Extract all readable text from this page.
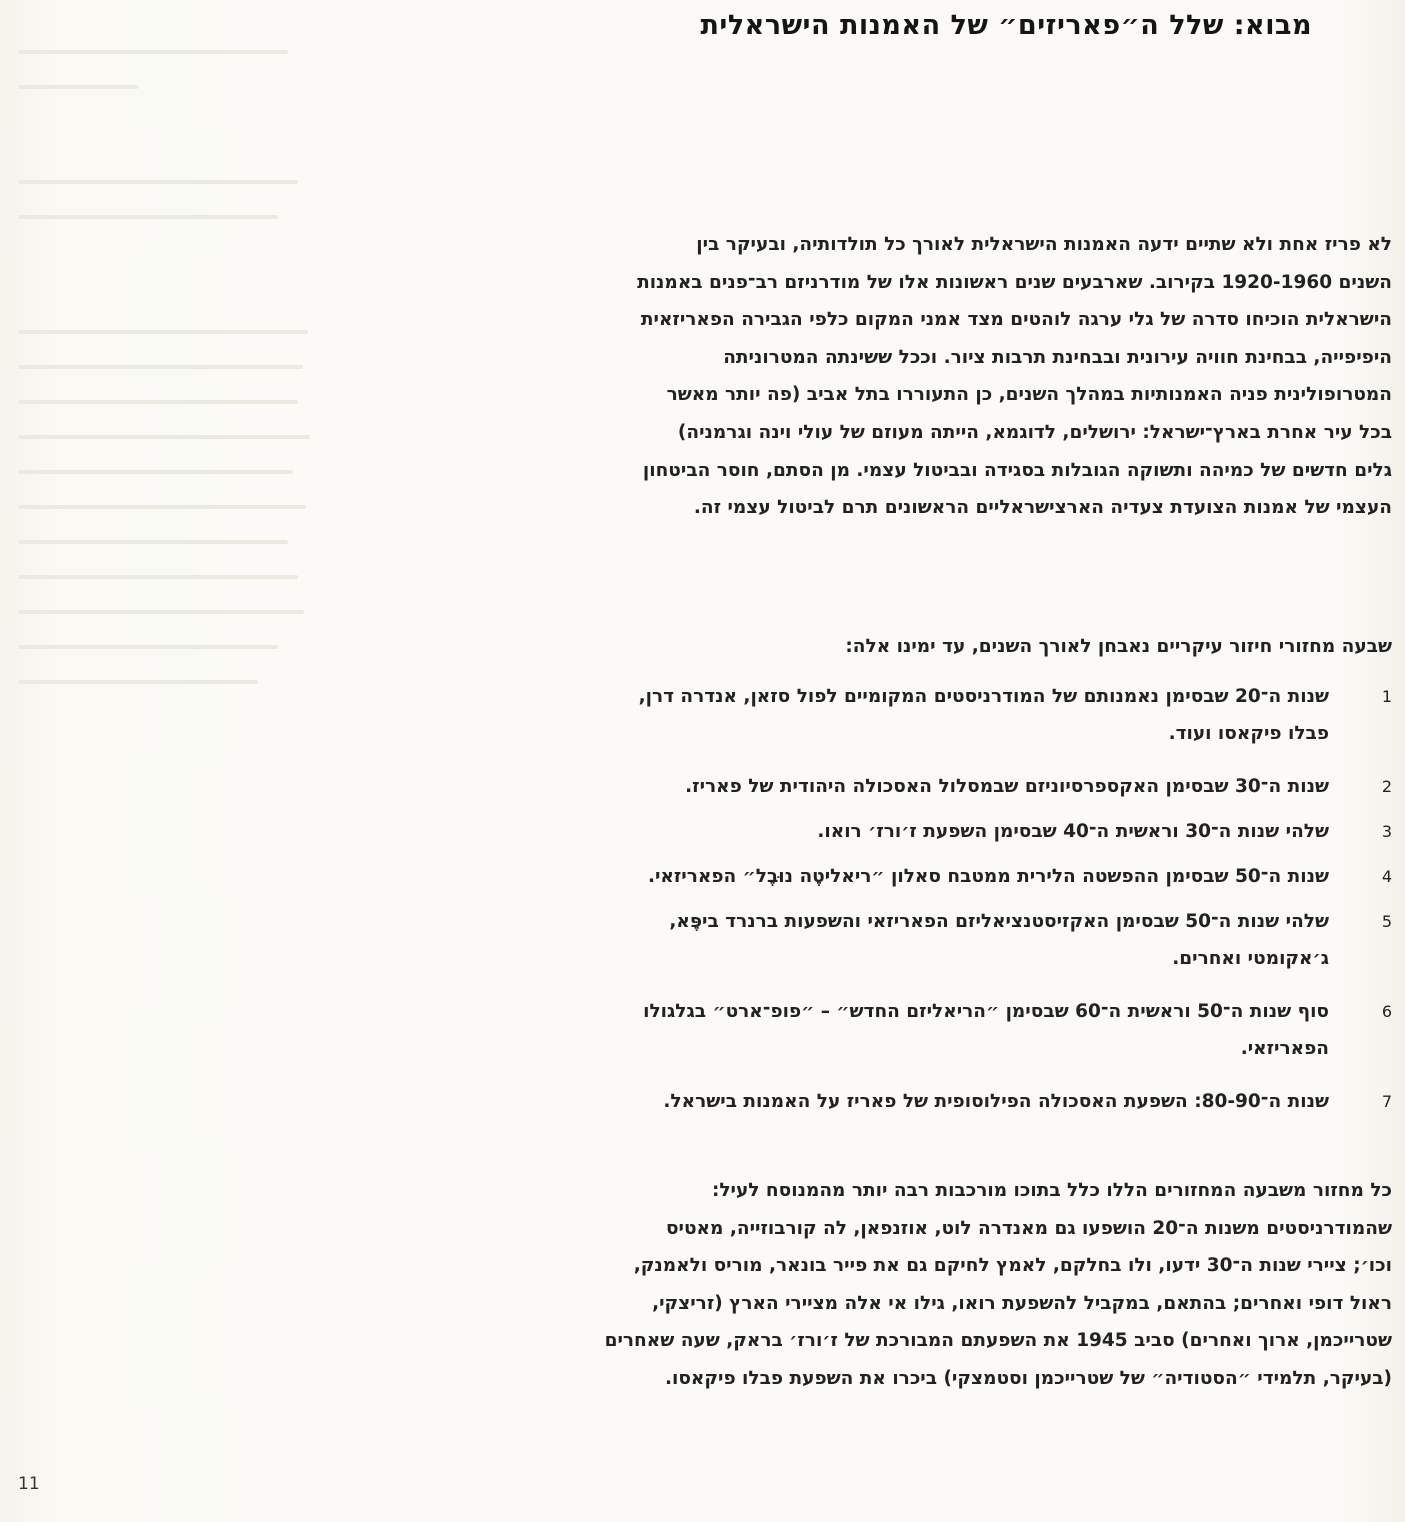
מבוא: שלל ה״פאריזים״ של האמנות הישראלית

לא פריז אחת ולא שתיים ידעה האמנות הישראלית לאורך כל תולדותיה, ובעיקר בין

השנים 1920-1960 בקירוב. שארבעים שנים ראשונות אלו של מודרניזם רב־פנים באמנות

הישראלית הוכיחו סדרה של גלי ערגה לוהטים מצד אמני המקום כלפי הגבירה הפאריזאית

היפיפייה, בבחינת חוויה עירונית ובבחינת תרבות ציור. וככל ששינתה המטרוניתה

המטרופולינית פניה האמנותיות במהלך השנים, כן התעוררו בתל אביב (פה יותר מאשר

בכל עיר אחרת בארץ־ישראל: ירושלים, לדוגמא, הייתה מעוזם של עולי וינה וגרמניה)

גלים חדשים של כמיהה ותשוקה הגובלות בסגידה ובביטול עצמי. מן הסתם, חוסר הביטחון

העצמי של אמנות הצועדת צעדיה הארצישראליים הראשונים תרם לביטול עצמי זה.

שבעה מחזורי חיזור עיקריים נאבחן לאורך השנים, עד ימינו אלה:
1
שנות ה־20 שבסימן נאמנותם של המודרניסטים המקומיים לפול סזאן, אנדרה דרן,
פבלו פיקאסו ועוד.
2
שנות ה־30 שבסימן האקספרסיוניזם שבמסלול האסכולה היהודית של פאריז.
3
שלהי שנות ה־30 וראשית ה־40 שבסימן השפעת ז׳ורז׳ רואו.
4
שנות ה־50 שבסימן ההפשטה הלירית ממטבח סאלון ״ריאליטֶה נוּבֶל״ הפאריזאי.
5
שלהי שנות ה־50 שבסימן האקזיסטנציאליזם הפאריזאי והשפעות ברנרד ביפֶּא,
ג׳אקומטי ואחרים.
6
סוף שנות ה־50 וראשית ה־60 שבסימן ״הריאליזם החדש״ – ״פופ־ארט״ בגלגולו
הפאריזאי.
7
שנות ה־80-90: השפעת האסכולה הפילוסופית של פאריז על האמנות בישראל.

כל מחזור משבעה המחזורים הללו כלל בתוכו מורכבות רבה יותר מהמנוסח לעיל:

שהמודרניסטים משנות ה־20 הושפעו גם מאנדרה לוט, אוזנפאן, לה קורבוזייה, מאטיס

וכו׳; ציירי שנות ה־30 ידעו, ולו בחלקם, לאמץ לחיקם גם את פייר בונאר, מוריס ולאמנק,

ראול דופי ואחרים; בהתאם, במקביל להשפעת רואו, גילו אי אלה מציירי הארץ (זריצקי,

שטרייכמן, ארוך ואחרים) סביב 1945 את השפעתם המבורכת של ז׳ורז׳ בראק, שעה שאחרים

(בעיקר, תלמידי ״הסטודיה״ של שטרייכמן וסטמצקי) ביכרו את השפעת פבלו פיקאסו.

11
